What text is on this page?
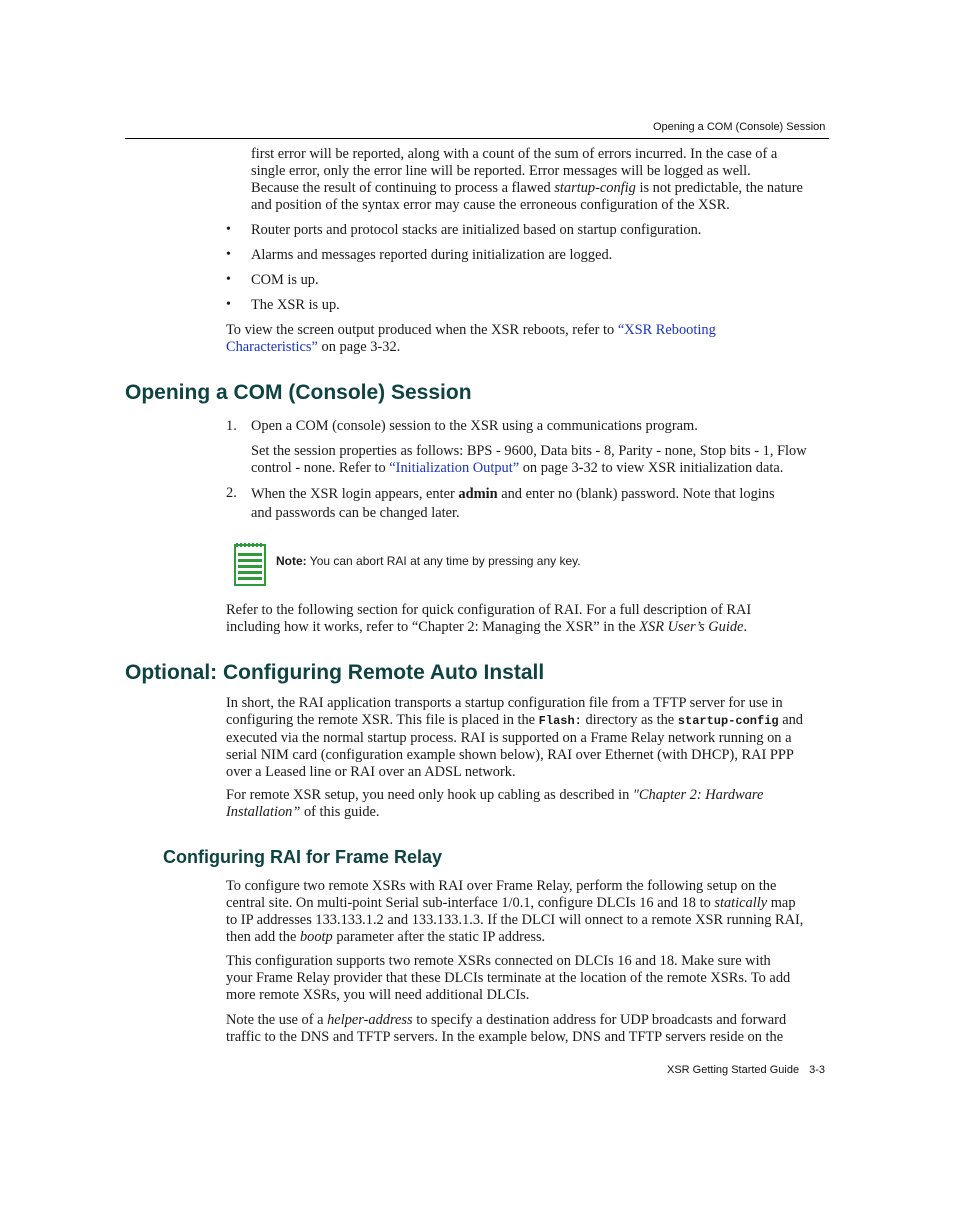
Opening a COM (Console) Session

first error will be reported, along with a count of the sum of errors incurred. In the case of a

single error, only the error line will be reported. Error messages will be logged as well.

Because the result of continuing to process a flawed startup-config is not predictable, the nature

and position of the syntax error may cause the erroneous configuration of the XSR.

• Router ports and protocol stacks are initialized based on startup configuration.
• Alarms and messages reported during initialization are logged.
• COM is up.
• The XSR is up.

To view the screen output produced when the XSR reboots, refer to “XSR Rebooting

Characteristics” on page 3-32.

Opening a COM (Console) Session
1. Open a COM (console) session to the XSR using a communications program.

Set the session properties as follows: BPS - 9600, Data bits - 8, Parity - none, Stop bits - 1, Flow

control - none. Refer to “Initialization Output” on page 3-32 to view XSR initialization data.

2. When the XSR login appears, enter admin and enter no (blank) password. Note that logins

and passwords can be changed later.

Note: You can abort RAI at any time by pressing any key.

Refer to the following section for quick configuration of RAI. For a full description of RAI

including how it works, refer to “Chapter 2: Managing the XSR” in the XSR User’s Guide.

Optional: Configuring Remote Auto Install

In short, the RAI application transports a startup configuration file from a TFTP server for use in

configuring the remote XSR. This file is placed in the Flash: directory as the startup-config and

executed via the normal startup process. RAI is supported on a Frame Relay network running on a

serial NIM card (configuration example shown below), RAI over Ethernet (with DHCP), RAI PPP

over a Leased line or RAI over an ADSL network.

For remote XSR setup, you need only hook up cabling as described in "Chapter 2: Hardware

Installation” of this guide.

Configuring RAI for Frame Relay

To configure two remote XSRs with RAI over Frame Relay, perform the following setup on the

central site. On multi-point Serial sub-interface 1/0.1, configure DLCIs 16 and 18 to statically map

to IP addresses 133.133.1.2 and 133.133.1.3. If the DLCI will onnect to a remote XSR running RAI,

then add the bootp parameter after the static IP address.

This configuration supports two remote XSRs connected on DLCIs 16 and 18. Make sure with

your Frame Relay provider that these DLCIs terminate at the location of the remote XSRs. To add

more remote XSRs, you will need additional DLCIs.

Note the use of a helper-address to specify a destination address for UDP broadcasts and forward

traffic to the DNS and TFTP servers. In the example below, DNS and TFTP servers reside on the

XSR Getting Started Guide 3-3
